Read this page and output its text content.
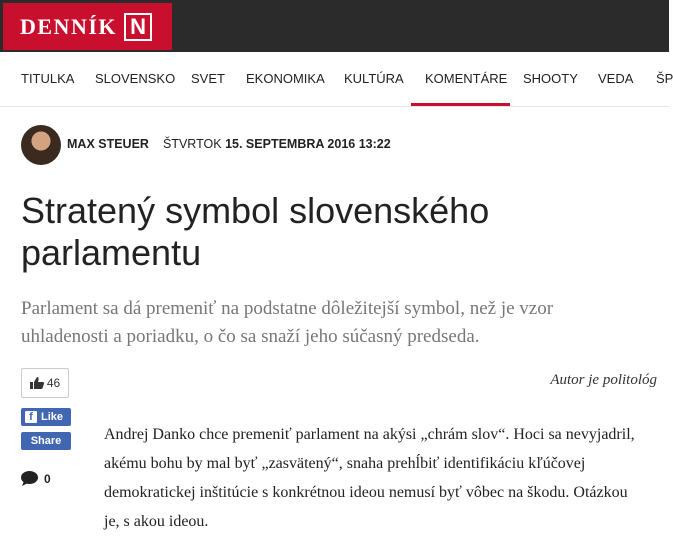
DENNÍK N
TITULKA SLOVENSKO SVET EKONOMIKA KULTÚRA KOMENTÁRE SHOOTY VEDA ŠP
MAX STEUER ŠTVRTOK 15. SEPTEMBRA 2016 13:22
Stratený symbol slovenského parlamentu
Parlament sa dá premeniť na podstatne dôležitejší symbol, než je vzor uhladenosti a poriadku, o čo sa snaží jeho súčasný predseda.
46
f Like
Share
0
Autor je politológ
Andrej Danko chce premeniť parlament na akýsi „chrám slov“. Hoci sa nevyjadril, akému bohu by mal byť „zasvätený“, snaha prehĺbiť identifikáciu kľúčovej demokratickej inštitúcie s konkrétnou ideou nemusí byť vôbec na škodu. Otázkou je, s akou ideou.
